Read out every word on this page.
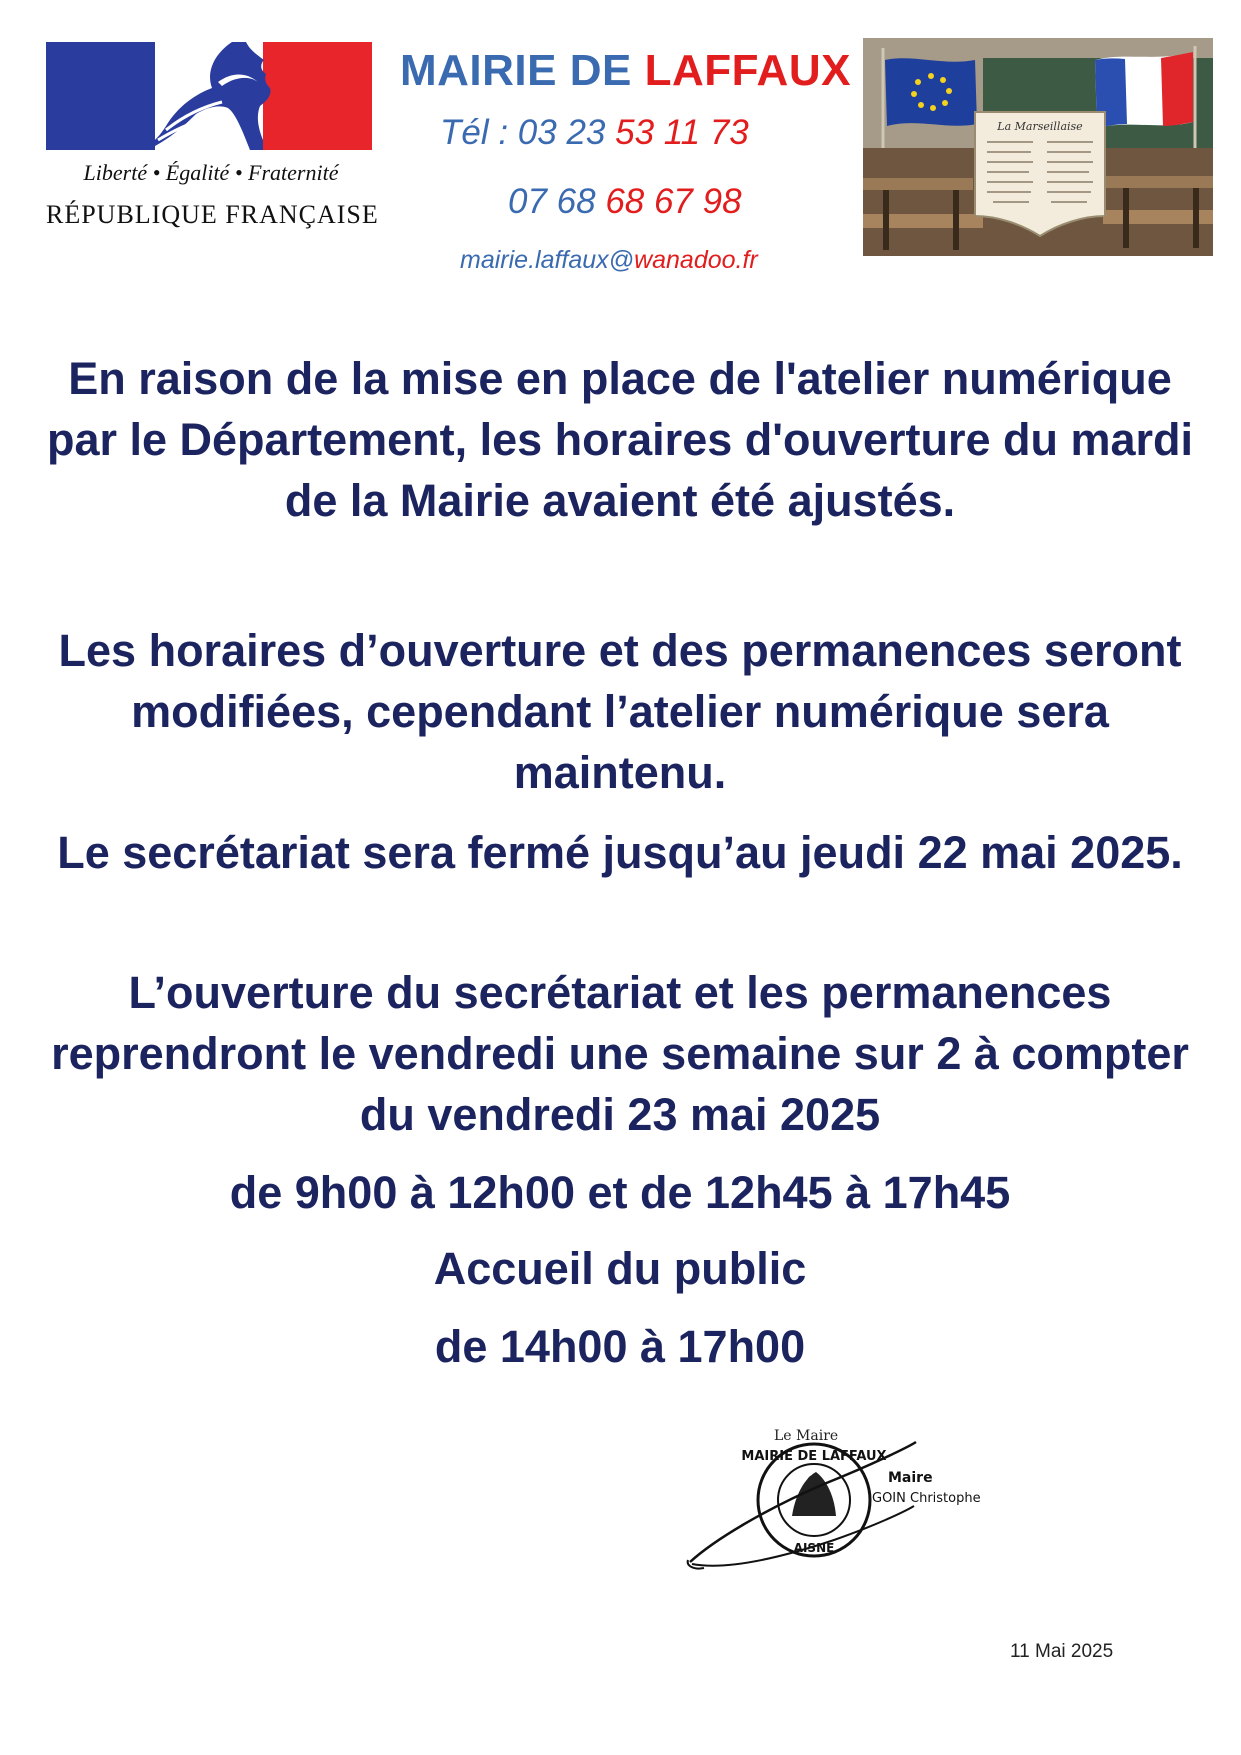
Liberté • Égalité • Fraternité
RÉPUBLIQUE FRANÇAISE
MAIRIE DE LAFFAUX
Tél : 03 23 53 11 73
07 68 68 67 98
mairie.laffaux@wanadoo.fr
La Marseillaise
En raison de la mise en place de l'atelier numérique par le Département, les horaires d'ouverture du mardi de la Mairie avaient été ajustés.
Les horaires d’ouverture et des permanences seront modifiées, cependant l’atelier numérique sera maintenu.
Le secrétariat sera fermé jusqu’au jeudi 22 mai 2025.
L’ouverture du secrétariat et les permanences reprendront le vendredi une semaine sur 2 à compter du vendredi 23 mai 2025
de 9h00 à 12h00 et de 12h45 à 17h45
Accueil du public
de 14h00 à 17h00
Le Maire
MAIRIE DE LAFFAUX
AISNE
Maire
GOIN Christophe
11 Mai 2025
